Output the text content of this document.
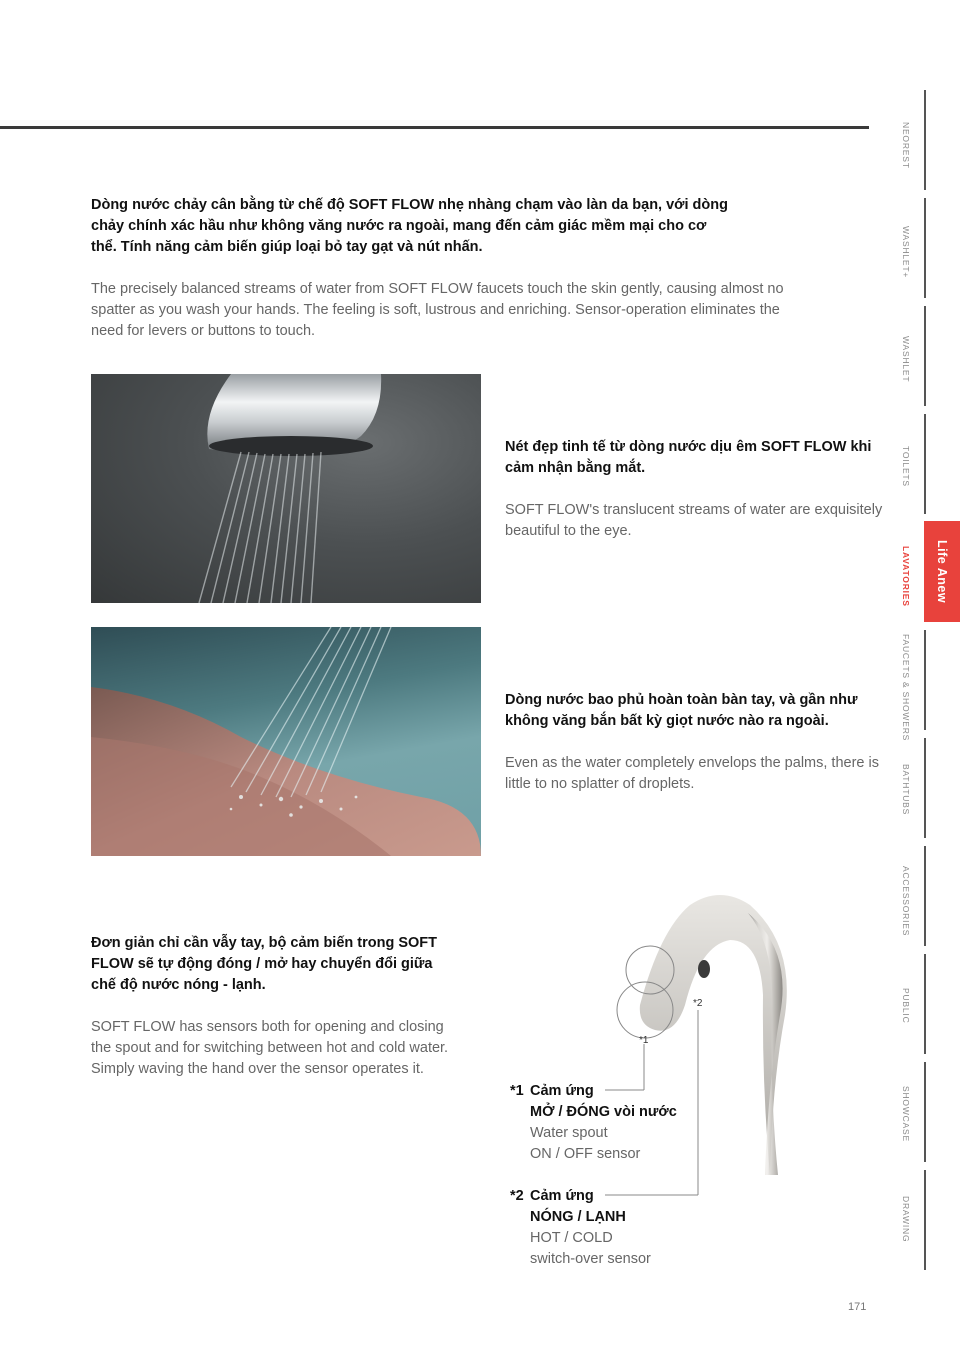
Dòng nước chảy cân bằng từ chế độ SOFT FLOW nhẹ nhàng chạm vào làn da bạn, với dòng chảy chính xác hầu như không văng nước ra ngoài, mang đến cảm giác mềm mại cho cơ thể. Tính năng cảm biến giúp loại bỏ tay gạt và nút nhấn.

The precisely balanced streams of water from SOFT FLOW faucets touch the skin gently, causing almost no spatter as you wash your hands. The feeling is soft, lustrous and enriching. Sensor-operation eliminates the need for levers or buttons to touch.

Nét đẹp tinh tế từ dòng nước dịu êm SOFT FLOW khi cảm nhận bằng mắt.

SOFT FLOW's translucent streams of water are exquisitely beautiful to the eye.

Dòng nước bao phủ hoàn toàn bàn tay, và gần như không văng bắn bất kỳ giọt nước nào ra ngoài.

Even as the water completely envelops the palms, there is little to no splatter of droplets.

Đơn giản chỉ cần vẫy tay, bộ cảm biến trong SOFT FLOW sẽ tự động đóng / mở hay chuyển đổi giữa chế độ nước nóng - lạnh.

SOFT FLOW has sensors both for opening and closing the spout and for switching between hot and cold water. Simply waving the hand over the sensor operates it.

*2
*1
*1 Cảm ứng
MỞ / ĐÓNG vòi nước
Water spout
ON / OFF sensor
*2 Cảm ứng
NÓNG / LẠNH
HOT / COLD
switch-over sensor
NEOREST
WASHLET+
WASHLET
TOILETS
LAVATORIES
FAUCETS & SHOWERS
BATHTUBS
ACCESSORIES
PUBLIC
SHOWCASE
DRAWING
Life Anew
171
